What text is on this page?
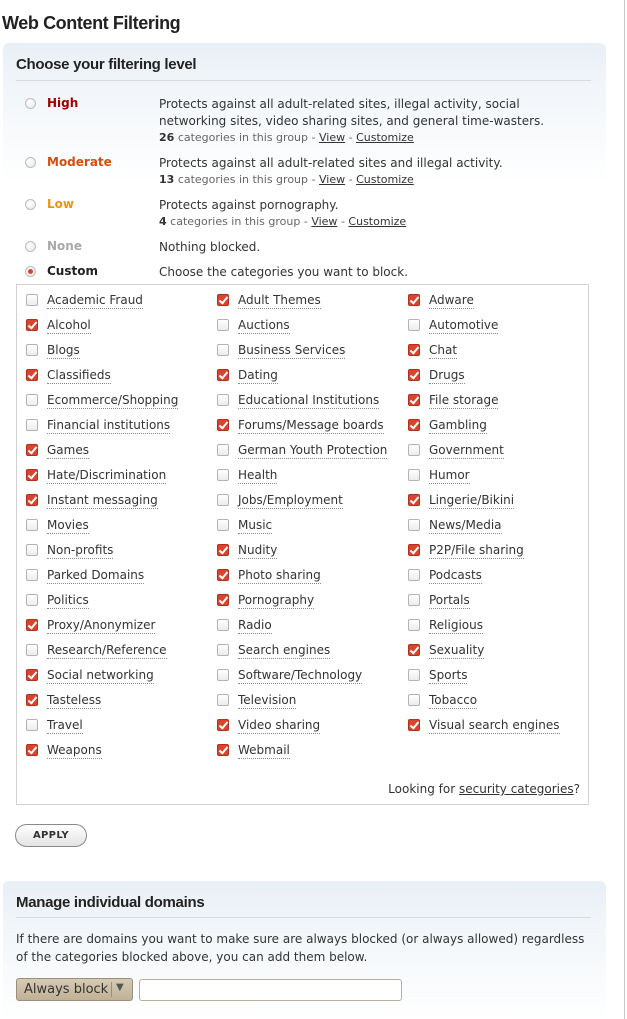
Web Content Filtering
Choose your filtering level
High	Protects against all adult-related sites, illegal activity, social networking sites, video sharing sites, and general time-wasters.
26 categories in this group - View - Customize
Moderate	Protects against all adult-related sites and illegal activity.
13 categories in this group - View - Customize
Low	Protects against pornography.
4 categories in this group - View - Customize
None	Nothing blocked.
Custom	Choose the categories you want to block.
Looking for security categories?
Academic Fraud	Adult Themes	Adware
Alcohol	Auctions	Automotive
Blogs	Business Services	Chat
Classifieds	Dating	Drugs
Ecommerce/Shopping	Educational Institutions	File storage
Financial institutions	Forums/Message boards	Gambling
Games	German Youth Protection	Government
Hate/Discrimination	Health	Humor
Instant messaging	Jobs/Employment	Lingerie/Bikini
Movies	Music	News/Media
Non-profits	Nudity	P2P/File sharing
Parked Domains	Photo sharing	Podcasts
Politics	Pornography	Portals
Proxy/Anonymizer	Radio	Religious
Research/Reference	Search engines	Sexuality
Social networking	Software/Technology	Sports
Tasteless	Television	Tobacco
Travel	Video sharing	Visual search engines
Weapons	Webmail
APPLY
Manage individual domains

If there are domains you want to make sure are always blocked (or always allowed) regardless of the categories blocked above, you can add them below.

Always block ▼
